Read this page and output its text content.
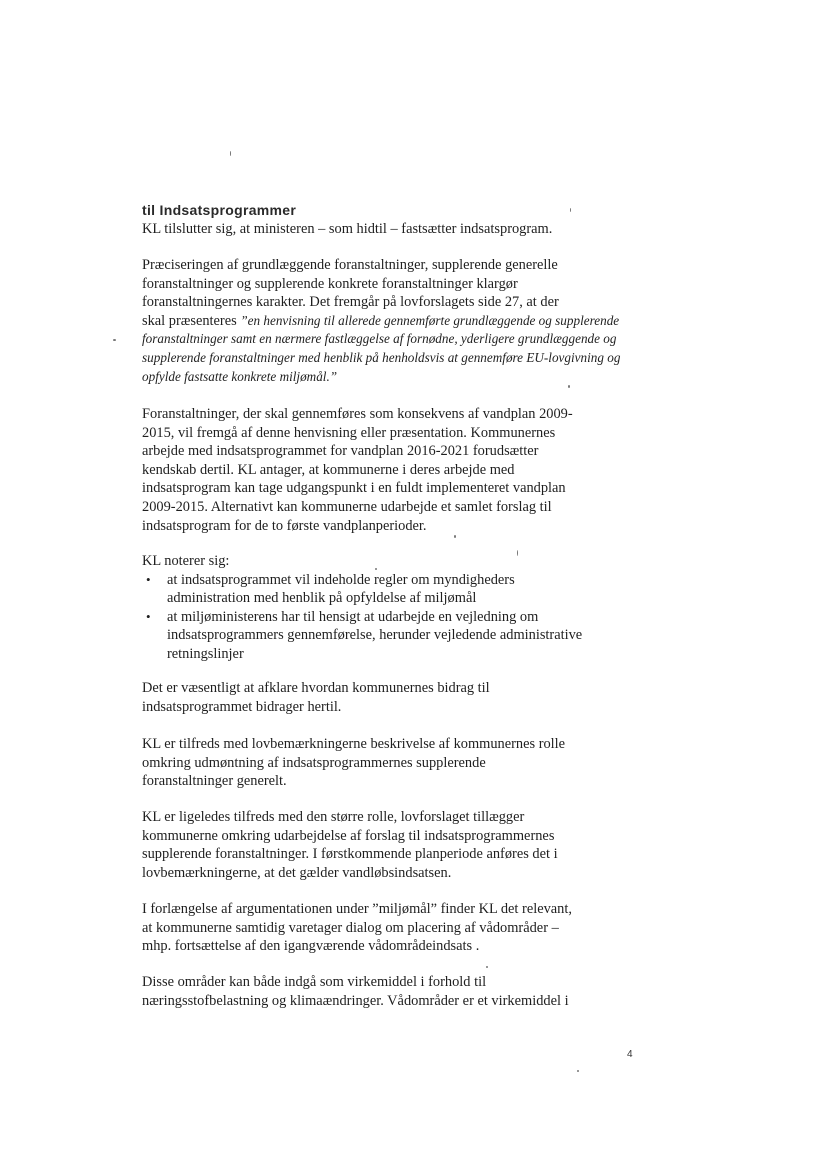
til Indsatsprogrammer

KL tilslutter sig, at ministeren – som hidtil – fastsætter indsatsprogram.

Præciseringen af grundlæggende foranstaltninger, supplerende generelle
foranstaltninger og supplerende konkrete foranstaltninger klargør
foranstaltningernes karakter. Det fremgår på lovforslagets side 27, at der
skal præsenteres ”en henvisning til allerede gennemførte grundlæggende og supplerende
foranstaltninger samt en nærmere fastlæggelse af fornødne, yderligere grundlæggende og
supplerende foranstaltninger med henblik på henholdsvis at gennemføre EU-lovgivning og
opfylde fastsatte konkrete miljømål.”

Foranstaltninger, der skal gennemføres som konsekvens af vandplan 2009-
2015, vil fremgå af denne henvisning eller præsentation. Kommunernes
arbejde med indsatsprogrammet for vandplan 2016-2021 forudsætter
kendskab dertil. KL antager, at kommunerne i deres arbejde med
indsatsprogram kan tage udgangspunkt i en fuldt implementeret vandplan
2009-2015. Alternativt kan kommunerne udarbejde et samlet forslag til
indsatsprogram for de to første vandplanperioder.

KL noterer sig:
• at indsatsprogrammet vil indeholde regler om myndigheders
administration med henblik på opfyldelse af miljømål
• at miljøministerens har til hensigt at udarbejde en vejledning om
indsatsprogrammers gennemførelse, herunder vejledende administrative
retningslinjer

Det er væsentligt at afklare hvordan kommunernes bidrag til
indsatsprogrammet bidrager hertil.

KL er tilfreds med lovbemærkningerne beskrivelse af kommunernes rolle
omkring udmøntning af indsatsprogrammernes supplerende
foranstaltninger generelt.

KL er ligeledes tilfreds med den større rolle, lovforslaget tillægger
kommunerne omkring udarbejdelse af forslag til indsatsprogrammernes
supplerende foranstaltninger. I førstkommende planperiode anføres det i
lovbemærkningerne, at det gælder vandløbsindsatsen.

I forlængelse af argumentationen under ”miljømål” finder KL det relevant,
at kommunerne samtidig varetager dialog om placering af vådområder –
mhp. fortsættelse af den igangværende vådområdeindsats .

Disse områder kan både indgå som virkemiddel i forhold til
næringsstofbelastning og klimaændringer. Vådområder er et virkemiddel i

4
